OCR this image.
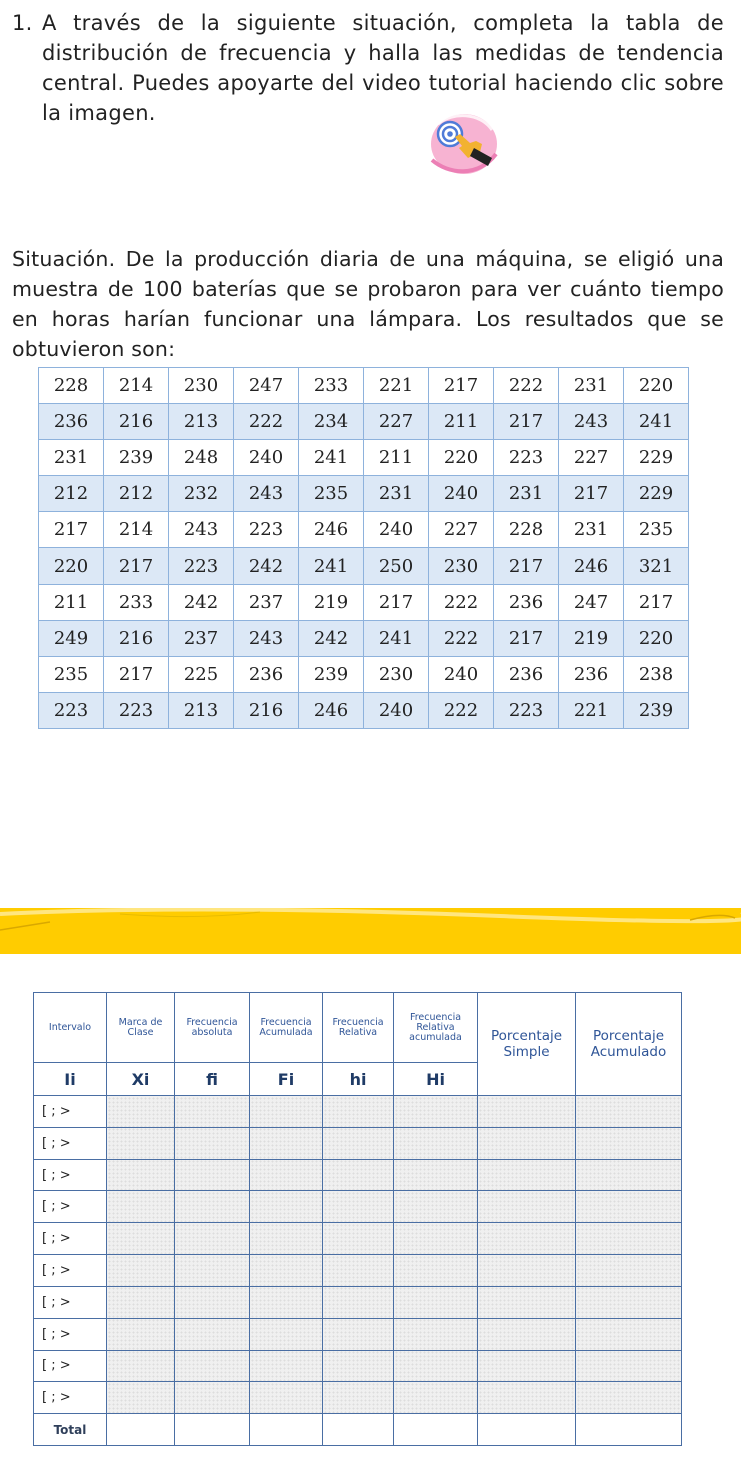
1. A través de la siguiente situación, completa la tabla de distribución de frecuencia y halla las medidas de tendencia central. Puedes apoyarte del video tutorial haciendo clic sobre la imagen.
Situación. De la producción diaria de una máquina, se eligió una muestra de 100 baterías que se probaron para ver cuánto tiempo en horas harían funcionar una lámpara. Los resultados que se obtuvieron son:
228	214	230	247	233	221	217	222	231	220
236	216	213	222	234	227	211	217	243	241
231	239	248	240	241	211	220	223	227	229
212	212	232	243	235	231	240	231	217	229
217	214	243	223	246	240	227	228	231	235
220	217	223	242	241	250	230	217	246	321
211	233	242	237	219	217	222	236	247	217
249	216	237	243	242	241	222	217	219	220
235	217	225	236	239	230	240	236	236	238
223	223	213	216	246	240	222	223	221	239
Intervalo	Marca de Clase	Frecuencia absoluta	Frecuencia Acumulada	Frecuencia Relativa	Frecuencia Relativa acumulada	Porcentaje Simple	Porcentaje Acumulado
Ii	Xi	fi	Fi	hi	Hi		
[ ; >							
[ ; >							
[ ; >							
[ ; >							
[ ; >							
[ ; >							
[ ; >							
[ ; >							
[ ; >							
[ ; >							
Total							
